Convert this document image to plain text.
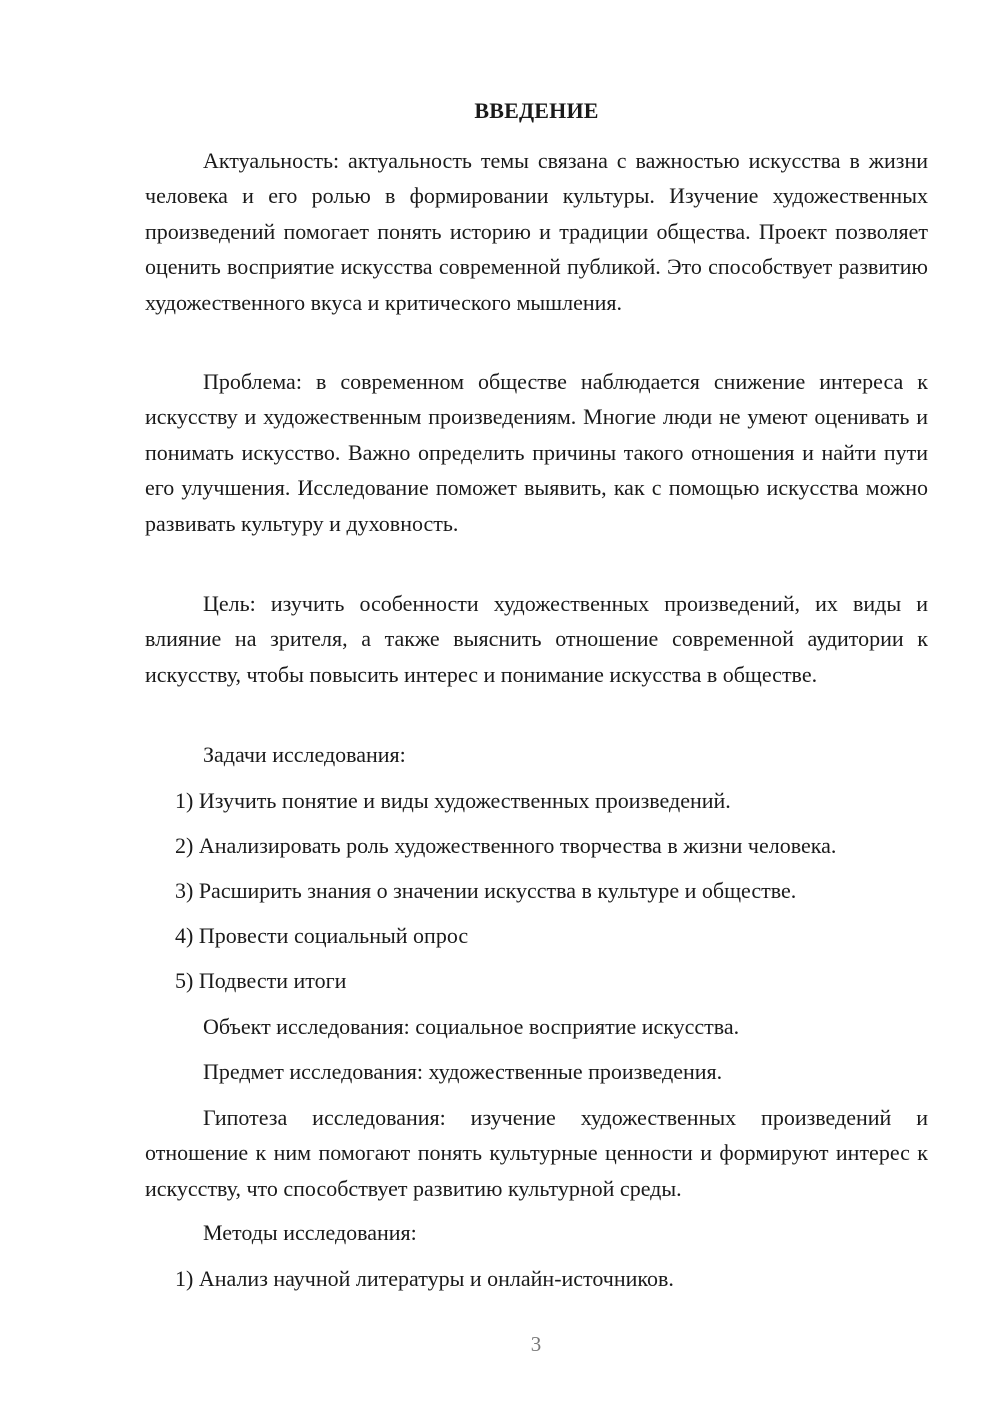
ВВЕДЕНИЕ

Актуальность: актуальность темы связана с важностью искусства в жизни человека и его ролью в формировании культуры. Изучение художественных произведений помогает понять историю и традиции общества. Проект позволяет оценить восприятие искусства современной публикой. Это способствует развитию художественного вкуса и критического мышления.

Проблема: в современном обществе наблюдается снижение интереса к искусству и художественным произведениям. Многие люди не умеют оценивать и понимать искусство. Важно определить причины такого отношения и найти пути его улучшения. Исследование поможет выявить, как с помощью искусства можно развивать культуру и духовность.

Цель: изучить особенности художественных произведений, их виды и влияние на зрителя, а также выяснить отношение современной аудитории к искусству, чтобы повысить интерес и понимание искусства в обществе.

Задачи исследования:
1) Изучить понятие и виды художественных произведений.
2) Анализировать роль художественного творчества в жизни человека.
3) Расширить знания о значении искусства в культуре и обществе.
4) Провести социальный опрос
5) Подвести итоги
Объект исследования: социальное восприятие искусства.
Предмет исследования: художественные произведения.

Гипотеза исследования: изучение художественных произведений и отношение к ним помогают понять культурные ценности и формируют интерес к искусству, что способствует развитию культурной среды.

Методы исследования:
1) Анализ научной литературы и онлайн-источников.
3
